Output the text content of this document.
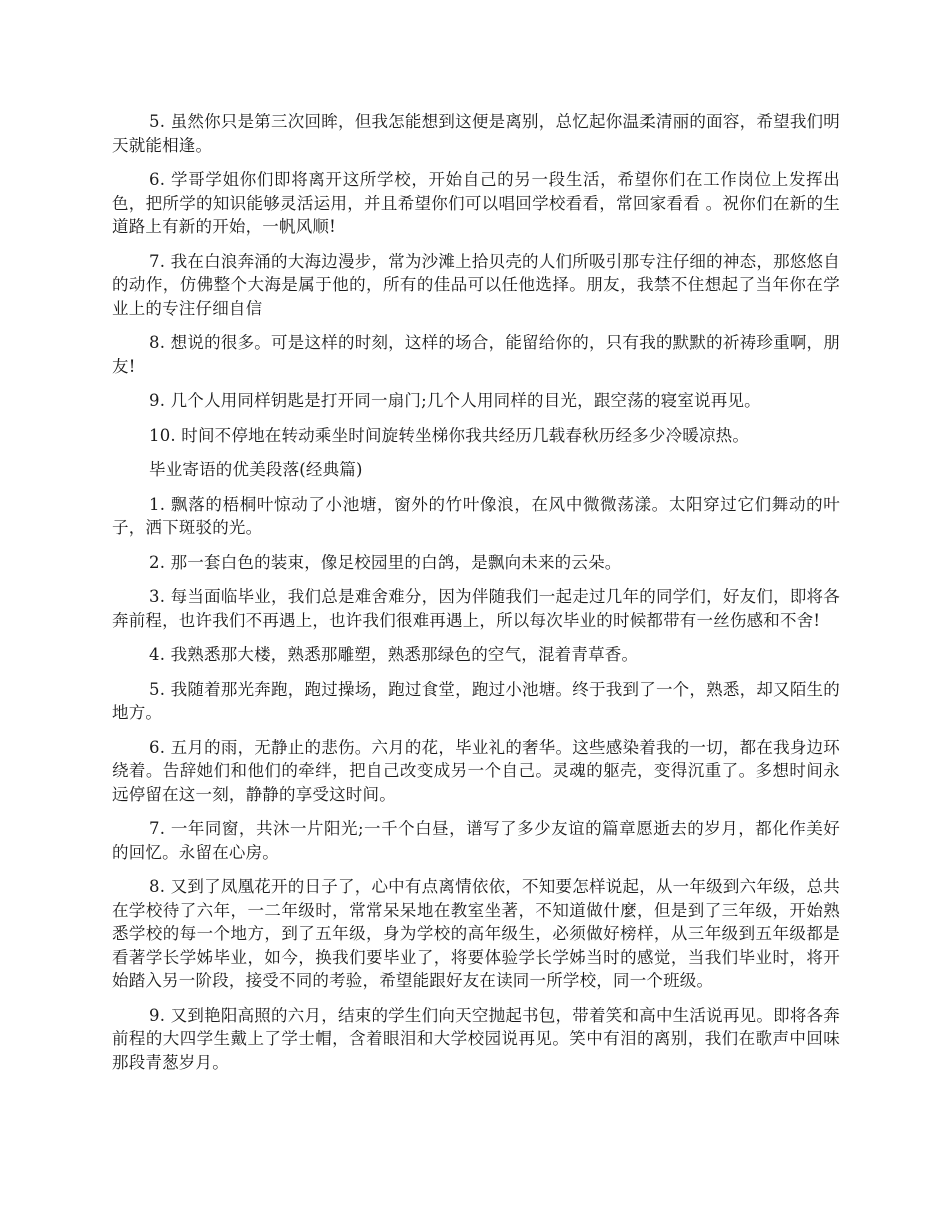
5. 虽然你只是第三次回眸，但我怎能想到这便是离别，总忆起你温柔清丽的面容，希望我们明天就能相逢。

6. 学哥学姐你们即将离开这所学校，开始自己的另一段生活，希望你们在工作岗位上发挥出色，把所学的知识能够灵活运用，并且希望你们可以唱回学校看看，常回家看看 。祝你们在新的生道路上有新的开始，一帆风顺!

7. 我在白浪奔涌的大海边漫步，常为沙滩上拾贝壳的人们所吸引那专注仔细的神态，那悠悠自的动作，仿佛整个大海是属于他的，所有的佳品可以任他选择。朋友，我禁不住想起了当年你在学业上的专注仔细自信

8. 想说的很多。可是这样的时刻，这样的场合，能留给你的，只有我的默默的祈祷珍重啊，朋友!

9. 几个人用同样钥匙是打开同一扇门;几个人用同样的目光，跟空荡的寝室说再见。

10. 时间不停地在转动乘坐时间旋转坐梯你我共经历几载春秋历经多少冷暖凉热。

毕业寄语的优美段落(经典篇)

1. 飘落的梧桐叶惊动了小池塘，窗外的竹叶像浪，在风中微微荡漾。太阳穿过它们舞动的叶子，洒下斑驳的光。

2. 那一套白色的装束，像足校园里的白鸽，是飘向未来的云朵。

3. 每当面临毕业，我们总是难舍难分，因为伴随我们一起走过几年的同学们，好友们，即将各奔前程，也许我们不再遇上，也许我们很难再遇上，所以每次毕业的时候都带有一丝伤感和不舍!

4. 我熟悉那大楼，熟悉那雕塑，熟悉那绿色的空气，混着青草香。

5. 我随着那光奔跑，跑过操场，跑过食堂，跑过小池塘。终于我到了一个，熟悉，却又陌生的地方。

6. 五月的雨，无静止的悲伤。六月的花，毕业礼的奢华。这些感染着我的一切，都在我身边环绕着。告辞她们和他们的牵绊，把自己改变成另一个自己。灵魂的躯壳，变得沉重了。多想时间永远停留在这一刻，静静的享受这时间。

7. 一年同窗，共沐一片阳光;一千个白昼，谱写了多少友谊的篇章愿逝去的岁月，都化作美好的回忆。永留在心房。

8. 又到了凤凰花开的日子了，心中有点离情依依，不知要怎样说起，从一年级到六年级，总共在学校待了六年，一二年级时，常常呆呆地在教室坐著，不知道做什麼，但是到了三年级，开始熟悉学校的每一个地方，到了五年级，身为学校的高年级生，必须做好榜样，从三年级到五年级都是看著学长学姊毕业，如今，换我们要毕业了，将要体验学长学姊当时的感觉，当我们毕业时，将开始踏入另一阶段，接受不同的考验，希望能跟好友在读同一所学校，同一个班级。

9. 又到艳阳高照的六月，结束的学生们向天空抛起书包，带着笑和高中生活说再见。即将各奔前程的大四学生戴上了学士帽，含着眼泪和大学校园说再见。笑中有泪的离别，我们在歌声中回味那段青葱岁月。
